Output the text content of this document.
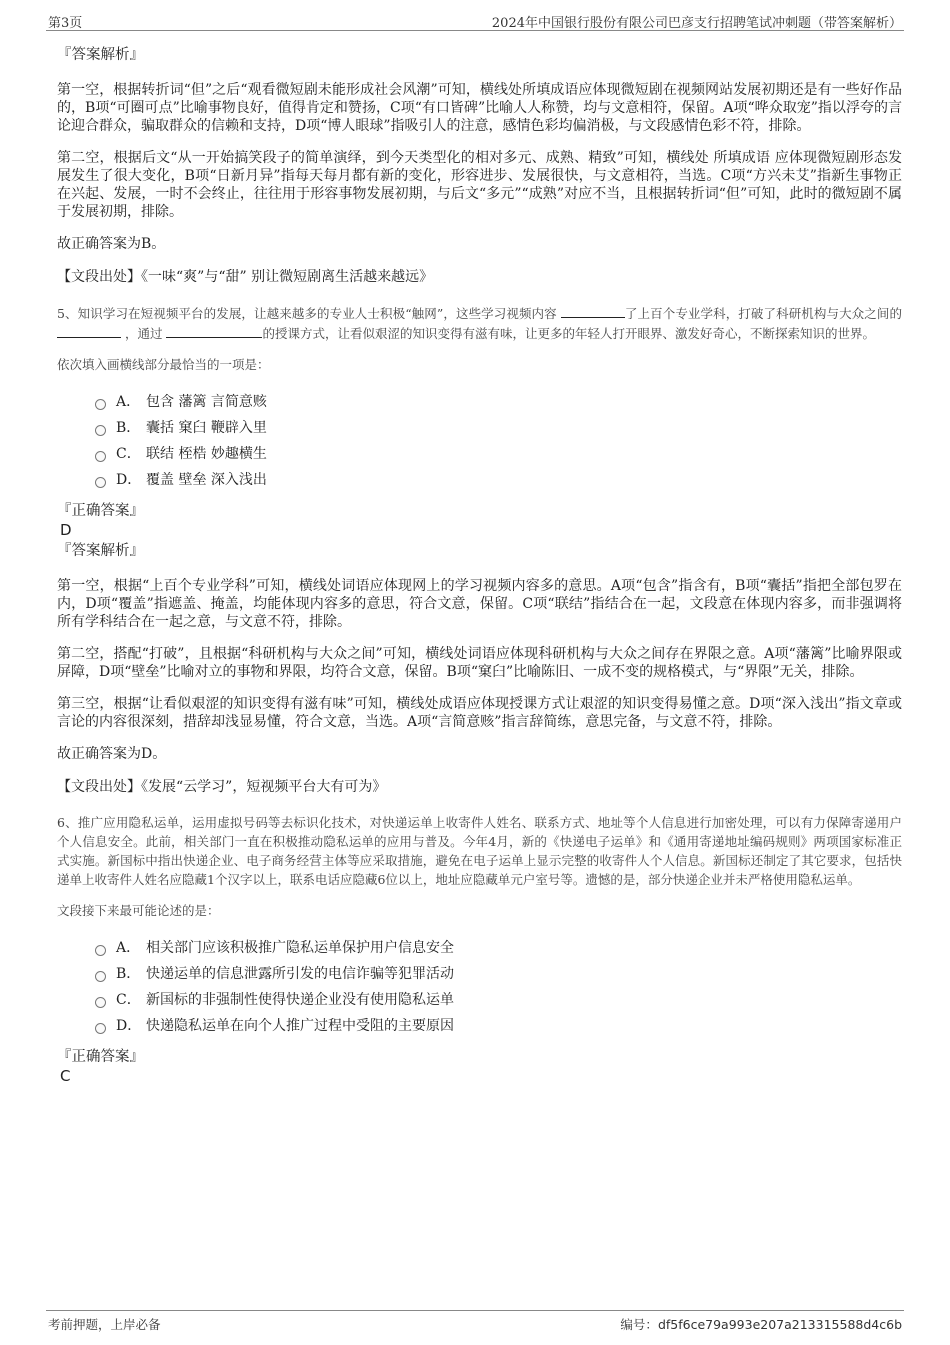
第3页	2024年中国银行股份有限公司巴彦支行招聘笔试冲刺题（带答案解析）
『答案解析』

第一空，根据转折词“但”之后“观看微短剧未能形成社会风潮”可知，横线处所填成语应体现微短剧在视频网站发展初期还是有一些好作品的，B项“可圈可点”比喻事物良好，值得肯定和赞扬，C项“有口皆碑”比喻人人称赞，均与文意相符，保留。A项“哗众取宠”指以浮夸的言论迎合群众，骗取群众的信赖和支持，D项“博人眼球”指吸引人的注意，感情色彩均偏消极，与文段感情色彩不符，排除。

第二空，根据后文“从一开始搞笑段子的简单演绎，到今天类型化的相对多元、成熟、精致”可知，横线处 所填成语 应体现微短剧形态发展发生了很大变化，B项“日新月异”指每天每月都有新的变化，形容进步、发展很快，与文意相符，当选。C项“方兴未艾”指新生事物正在兴起、发展，一时不会终止，往往用于形容事物发展初期，与后文“多元”“成熟”对应不当，且根据转折词“但”可知，此时的微短剧不属于发展初期，排除。

故正确答案为B。

【文段出处】《一味“爽”与“甜” 别让微短剧离生活越来越远》

5、知识学习在短视频平台的发展，让越来越多的专业人士积极“触网”，这些学习视频内容	了上百个专业学科，打破了科研机构与大众之间的  ，通过	的授课方式，让看似艰涩的知识变得有滋有味，让更多的年轻人打开眼界、激发好奇心，不断探索知识的世界。

依次填入画横线部分最恰当的一项是：
A． 包含 藩篱 言简意赅
B． 囊括 窠臼 鞭辟入里
C． 联结 桎梏 妙趣横生
D． 覆盖 壁垒 深入浅出
『正确答案』
D
『答案解析』

第一空，根据“上百个专业学科”可知，横线处词语应体现网上的学习视频内容多的意思。A项“包含”指含有，B项“囊括”指把全部包罗在内，D项“覆盖”指遮盖、掩盖，均能体现内容多的意思，符合文意，保留。C项“联结”指结合在一起，文段意在体现内容多，而非强调将所有学科结合在一起之意，与文意不符，排除。

第二空，搭配“打破”，且根据“科研机构与大众之间”可知，横线处词语应体现科研机构与大众之间存在界限之意。A项“藩篱”比喻界限或屏障，D项“壁垒”比喻对立的事物和界限，均符合文意，保留。B项“窠臼”比喻陈旧、一成不变的规格模式，与“界限”无关，排除。

第三空，根据“让看似艰涩的知识变得有滋有味”可知，横线处成语应体现授课方式让艰涩的知识变得易懂之意。D项“深入浅出”指文章或言论的内容很深刻，措辞却浅显易懂，符合文意，当选。A项“言简意赅”指言辞简练，意思完备，与文意不符，排除。

故正确答案为D。

【文段出处】《发展“云学习”，短视频平台大有可为》

6、推广应用隐私运单，运用虚拟号码等去标识化技术，对快递运单上收寄件人姓名、联系方式、地址等个人信息进行加密处理，可以有力保障寄递用户个人信息安全。此前，相关部门一直在积极推动隐私运单的应用与普及。今年4月，新的《快递电子运单》和《通用寄递地址编码规则》两项国家标准正式实施。新国标中指出快递企业、电子商务经营主体等应采取措施，避免在电子运单上显示完整的收寄件人个人信息。新国标还制定了其它要求，包括快递单上收寄件人姓名应隐藏1个汉字以上，联系电话应隐藏6位以上，地址应隐藏单元户室号等。遗憾的是，部分快递企业并未严格使用隐私运单。

文段接下来最可能论述的是：
A． 相关部门应该积极推广隐私运单保护用户信息安全
B． 快递运单的信息泄露所引发的电信诈骗等犯罪活动
C． 新国标的非强制性使得快递企业没有使用隐私运单
D． 快递隐私运单在向个人推广过程中受阻的主要原因
『正确答案』
C
考前押题，上岸必备	编号：df5f6ce79a993e207a213315588d4c6b
